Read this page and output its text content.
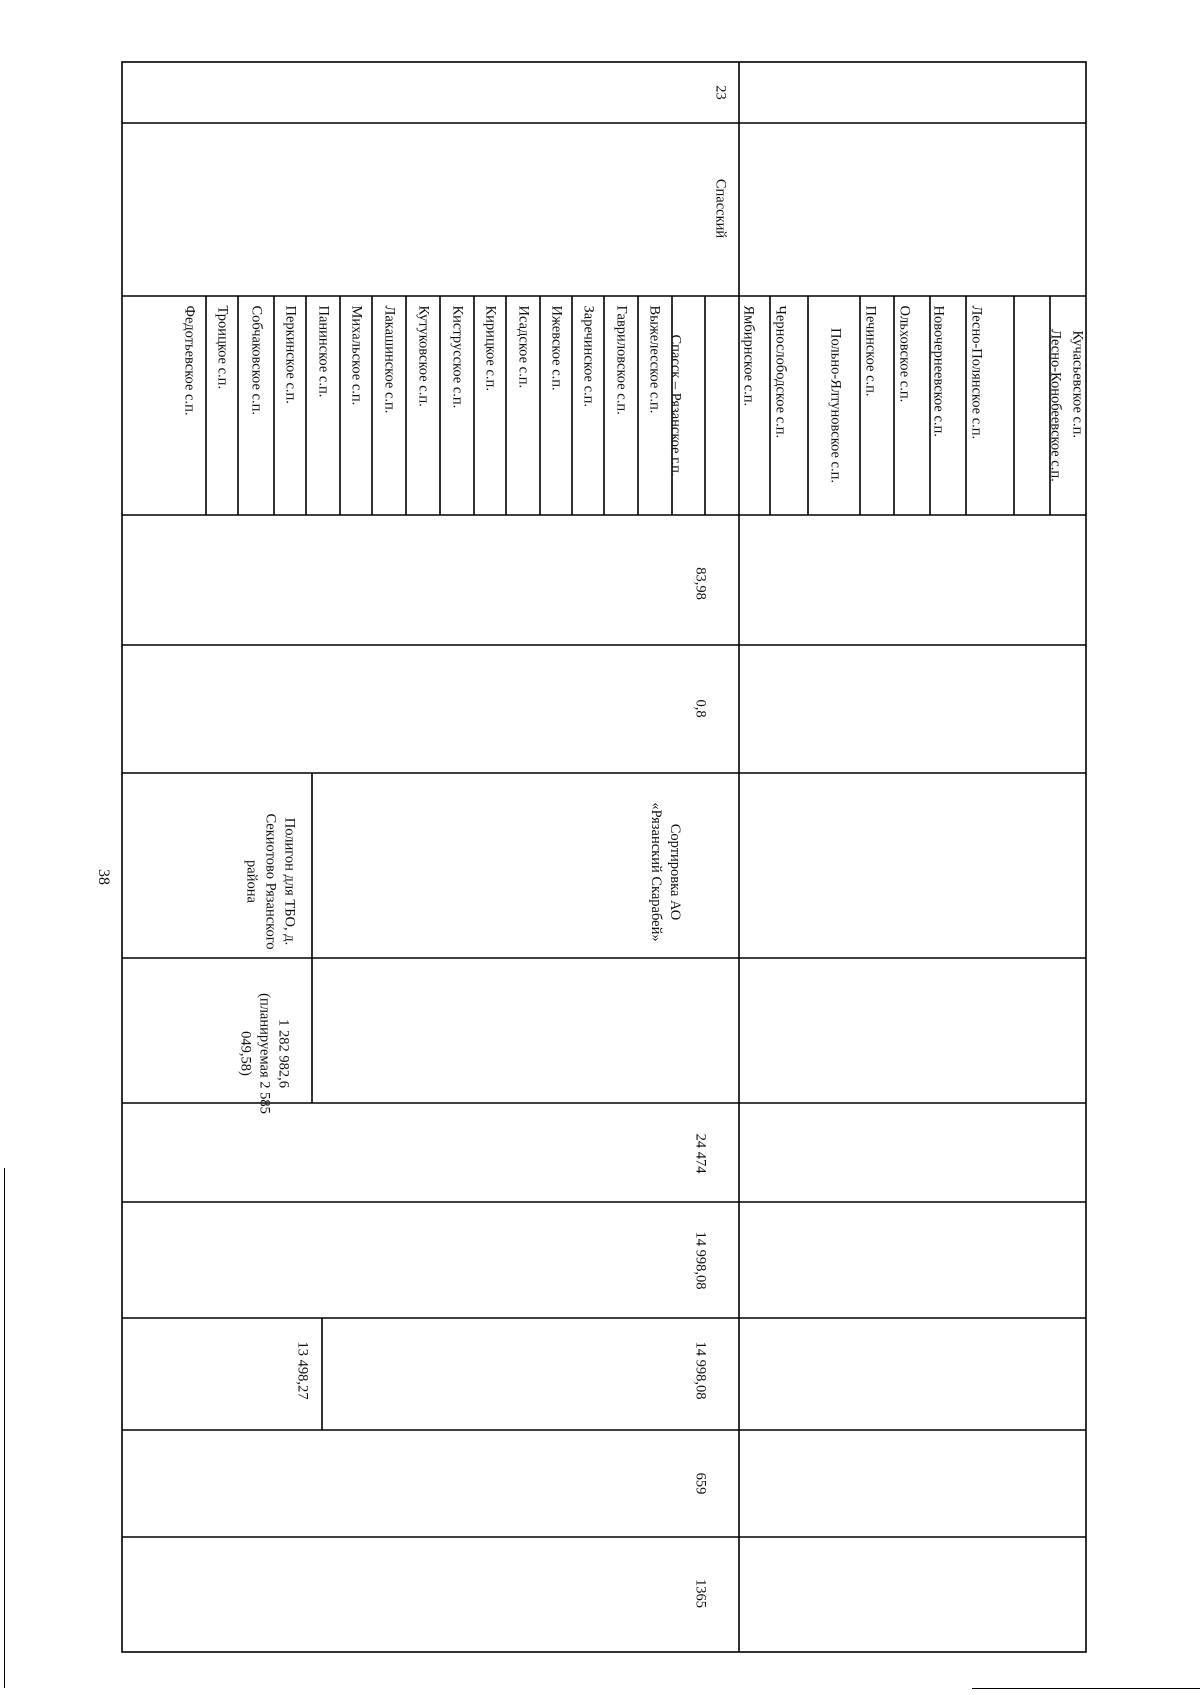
38
23
Спасский
Кучасьевское с.п.
Лесно-Конобеевское с.п.
Лесно-Полянское с.п.
Новочернеевское с.п.
Ольховское с.п.
Печинское с.п.
Польно-Ялтуновское с.п.
Чернослободское с.п.
Ямбирнское с.п.
Спасск – Рязанское г.п.
Выжелесское с.п.
Гавриловское с.п.
Заречинское с.п.
Ижевское с.п.
Исадское с.п.
Кирицкое с.п.
Киструсское с.п.
Кутуковское с.п.
Лакашинское с.п.
Михальское с.п.
Панинское с.п.
Перкинское с.п.
Собчаковское с.п.
Троицкое с.п.
Федотьевское с.п.
83,98
0,8
Сортировка АО «Рязанский Скарабей»
Полигон для ТБО, д. Секиотово Рязанского района
1 282 982,6 (планируемая 2 585 049,58)
24 474
14 998,08
14 998,08
13 498,27
659
1365
